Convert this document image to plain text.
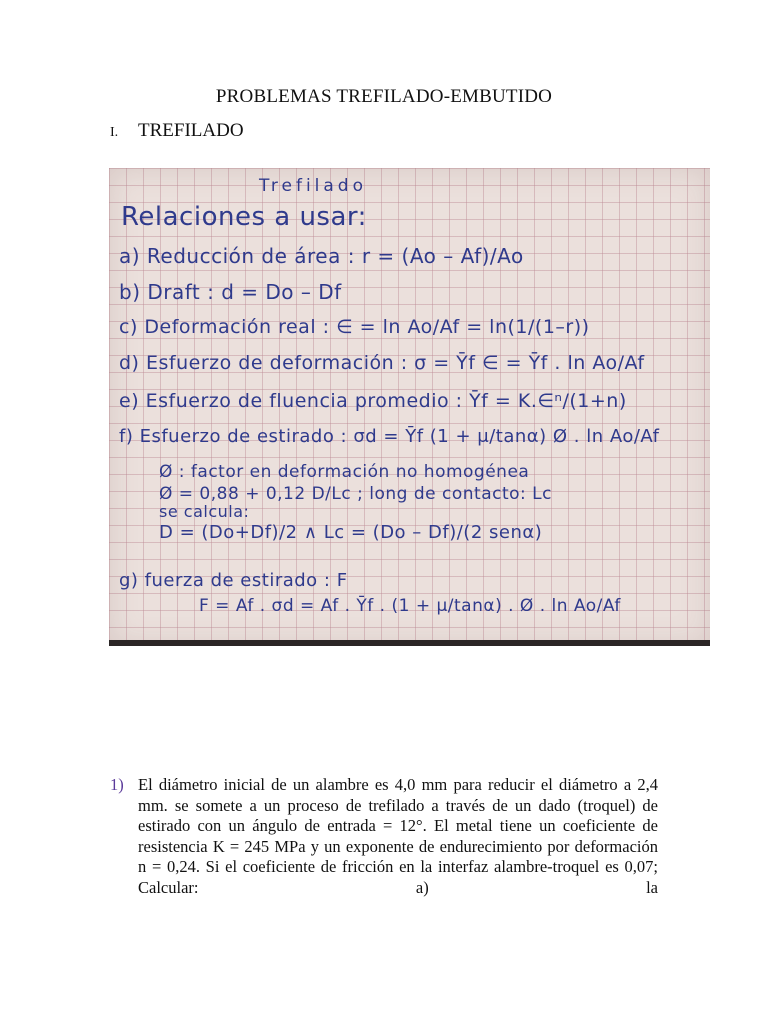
PROBLEMAS TREFILADO-EMBUTIDO
I.	TREFILADO
Trefilado
Relaciones a usar:
a) Reducción de área : r = (Ao – Af)/Ao
b) Draft : d = Do – Df
c) Deformación real : ∈ = ln Ao/Af = ln(1/(1–r))
d) Esfuerzo de deformación : σ = Ȳf ∈ = Ȳf . ln Ao/Af
e) Esfuerzo de fluencia promedio : Ȳf = K.∈ⁿ/(1+n)
f) Esfuerzo de estirado : σd = Ȳf (1 + μ/tanα) Ø . ln Ao/Af
Ø : factor en deformación no homogénea
Ø = 0,88 + 0,12 D/Lc ; long de contacto: Lc
se calcula:
D = (Do+Df)/2 ∧ Lc = (Do – Df)/(2 senα)
g) fuerza de estirado : F
F = Af . σd = Af . Ȳf . (1 + μ/tanα) . Ø . ln Ao/Af
1) El diámetro inicial de un alambre es 4,0 mm para reducir el diámetro a 2,4 mm. se somete a un proceso de trefilado a través de un dado (troquel) de estirado con un ángulo de entrada = 12°. El metal tiene un coeficiente de resistencia K = 245 MPa y un exponente de endurecimiento por deformación n = 0,24. Si el coeficiente de fricción en la interfaz alambre-troquel es 0,07; Calcular: a) la
